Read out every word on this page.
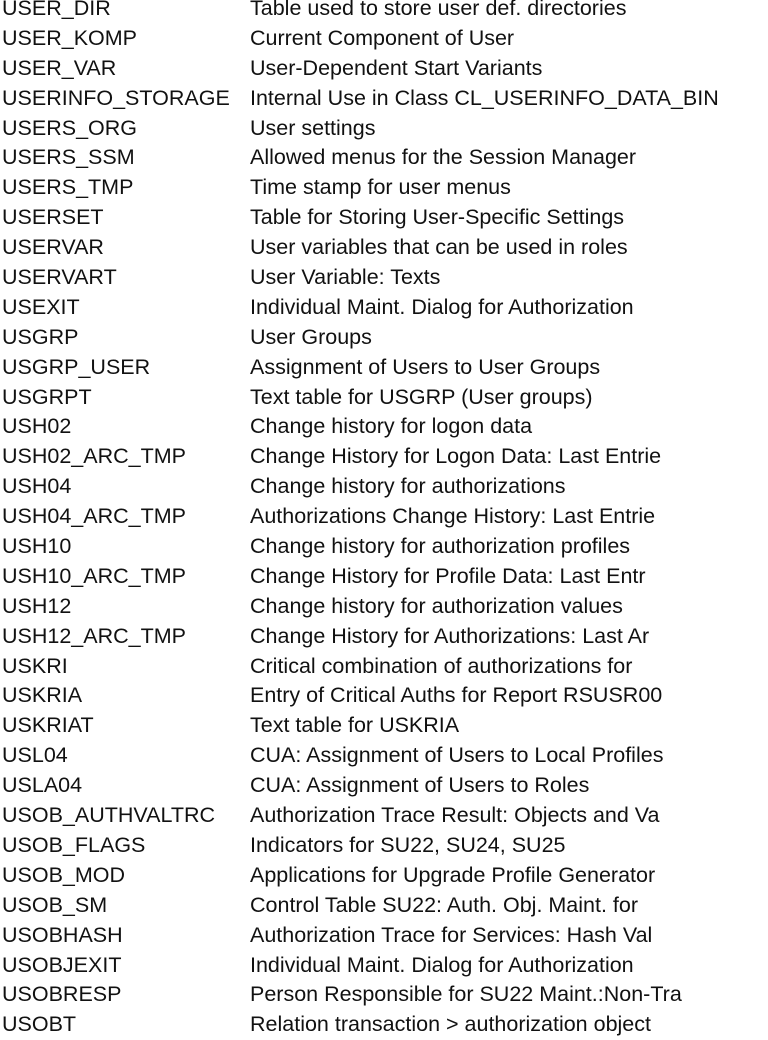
USER_DIR	Table used to store user def. directories
USER_KOMP	Current Component of User
USER_VAR	User-Dependent Start Variants
USERINFO_STORAGE Internal Use in Class CL_USERINFO_DATA_BIN
USERS_ORG	User settings
USERS_SSM	Allowed menus for the Session Manager
USERS_TMP	Time stamp for user menus
USERSET	Table for Storing User-Specific Settings
USERVAR	User variables that can be used in roles
USERVART	User Variable: Texts
USEXIT	Individual Maint. Dialog for Authorization
USGRP	User Groups
USGRP_USER	Assignment of Users to User Groups
USGRPT	Text table for USGRP (User groups)
USH02	Change history for logon data
USH02_ARC_TMP	Change History for Logon Data: Last Entrie
USH04	Change history for authorizations
USH04_ARC_TMP	Authorizations Change History: Last Entrie
USH10	Change history for authorization profiles
USH10_ARC_TMP	Change History for Profile Data: Last Entr
USH12	Change history for authorization values
USH12_ARC_TMP	Change History for Authorizations: Last Ar
USKRI	Critical combination of authorizations for
USKRIA	Entry of Critical Auths for Report RSUSR00
USKRIAT	Text table for USKRIA
USL04	CUA: Assignment of Users to Local Profiles
USLA04	CUA: Assignment of Users to Roles
USOB_AUTHVALTRC	Authorization Trace Result: Objects and Va
USOB_FLAGS	Indicators for SU22, SU24, SU25
USOB_MOD	Applications for Upgrade Profile Generator
USOB_SM	Control Table SU22: Auth. Obj. Maint. for
USOBHASH	Authorization Trace for Services: Hash Val
USOBJEXIT	Individual Maint. Dialog for Authorization
USOBRESP	Person Responsible for SU22 Maint.:Non-Tra
USOBT	Relation transaction > authorization object
